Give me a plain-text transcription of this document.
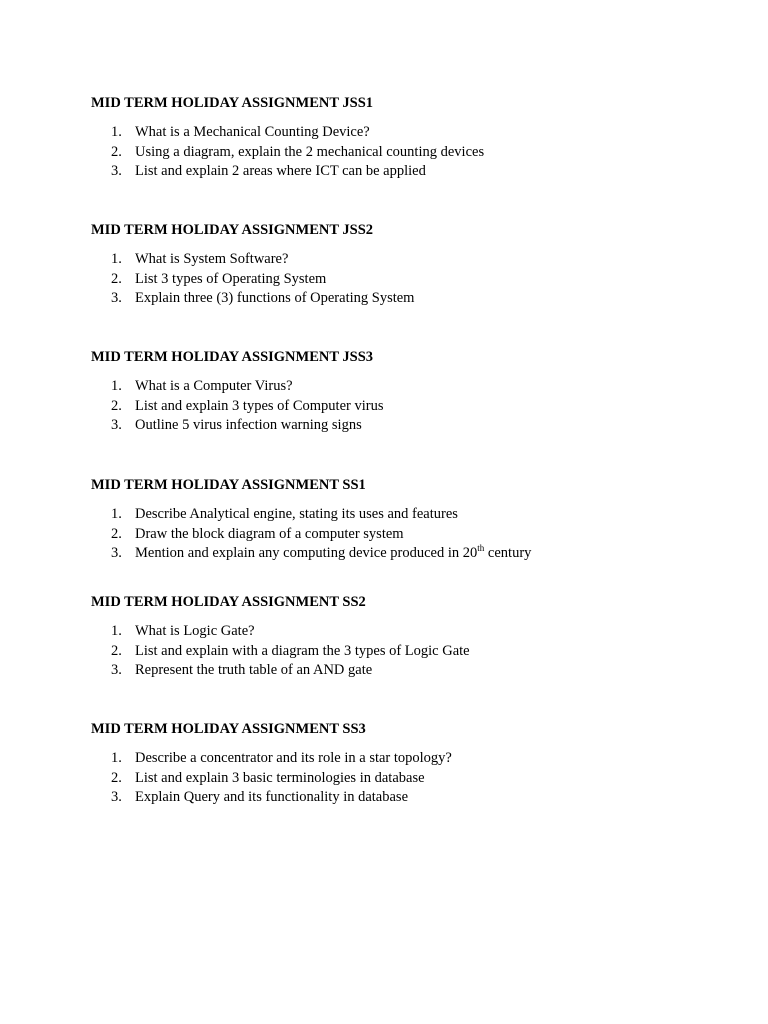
MID TERM HOLIDAY ASSIGNMENT JSS1

1. What is a Mechanical Counting Device?
2. Using a diagram, explain the 2 mechanical counting devices
3. List and explain 2 areas where ICT can be applied

MID TERM HOLIDAY ASSIGNMENT JSS2

1. What is System Software?
2. List 3 types of Operating System
3. Explain three (3) functions of Operating System

MID TERM HOLIDAY ASSIGNMENT JSS3

1. What is a Computer Virus?
2. List and explain 3 types of Computer virus
3. Outline 5 virus infection warning signs

MID TERM HOLIDAY ASSIGNMENT SS1

1. Describe Analytical engine, stating its uses and features
2. Draw the block diagram of a computer system
3. Mention and explain any computing device produced in 20th century

MID TERM HOLIDAY ASSIGNMENT SS2

1. What is Logic Gate?
2. List and explain with a diagram the 3 types of Logic Gate
3. Represent the truth table of an AND gate

MID TERM HOLIDAY ASSIGNMENT SS3

1. Describe a concentrator and its role in a star topology?
2. List and explain 3 basic terminologies in database
3. Explain Query and its functionality in database
